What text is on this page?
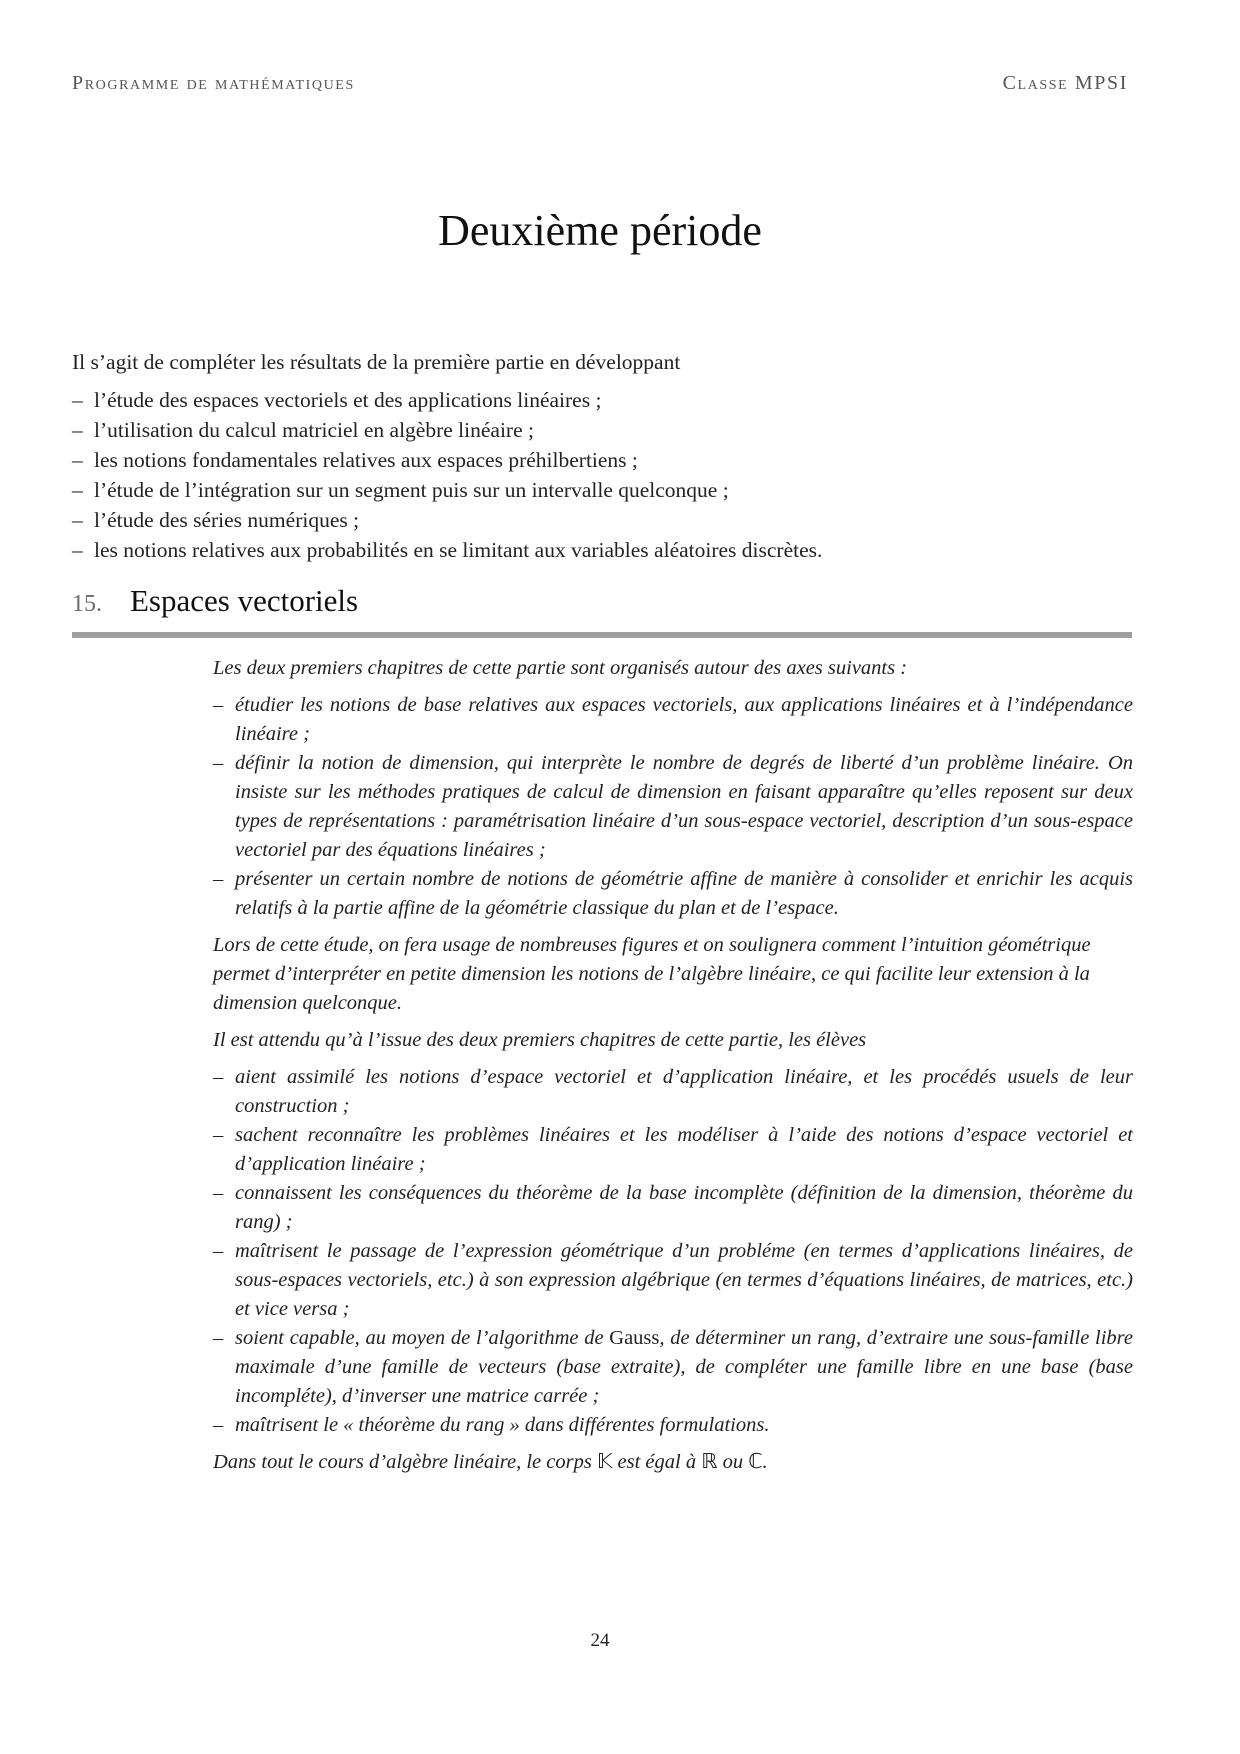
Programme de mathématiques	Classe MPSI
Deuxième période

Il s’agit de compléter les résultats de la première partie en développant

– l’étude des espaces vectoriels et des applications linéaires ;
– l’utilisation du calcul matriciel en algèbre linéaire ;
– les notions fondamentales relatives aux espaces préhilbertiens ;
– l’étude de l’intégration sur un segment puis sur un intervalle quelconque ;
– l’étude des séries numériques ;
– les notions relatives aux probabilités en se limitant aux variables aléatoires discrètes.
15. Espaces vectoriels

Les deux premiers chapitres de cette partie sont organisés autour des axes suivants :

– étudier les notions de base relatives aux espaces vectoriels, aux applications linéaires et à l’indépendance linéaire ;
– définir la notion de dimension, qui interprète le nombre de degrés de liberté d’un problème linéaire. On insiste sur les méthodes pratiques de calcul de dimension en faisant apparaître qu’elles reposent sur deux types de représentations : paramétrisation linéaire d’un sous-espace vectoriel, description d’un sous-espace vectoriel par des équations linéaires ;
– présenter un certain nombre de notions de géométrie affine de manière à consolider et enrichir les acquis relatifs à la partie affine de la géométrie classique du plan et de l’espace.

Lors de cette étude, on fera usage de nombreuses figures et on soulignera comment l’intuition géométrique permet d’interpréter en petite dimension les notions de l’algèbre linéaire, ce qui facilite leur extension à la dimension quelconque.

Il est attendu qu’à l’issue des deux premiers chapitres de cette partie, les élèves

– aient assimilé les notions d’espace vectoriel et d’application linéaire, et les procédés usuels de leur construction ;
– sachent reconnaître les problèmes linéaires et les modéliser à l’aide des notions d’espace vectoriel et d’application linéaire ;
– connaissent les conséquences du théorème de la base incomplète (définition de la dimension, théorème du rang) ;
– maîtrisent le passage de l’expression géométrique d’un probléme (en termes d’applications linéaires, de sous-espaces vectoriels, etc.) à son expression algébrique (en termes d’équations linéaires, de matrices, etc.) et vice versa ;
– soient capable, au moyen de l’algorithme de Gauss, de déterminer un rang, d’extraire une sous-famille libre maximale d’une famille de vecteurs (base extraite), de compléter une famille libre en une base (base incompléte), d’inverser une matrice carrée ;
– maîtrisent le « théorème du rang » dans différentes formulations.

Dans tout le cours d’algèbre linéaire, le corps 𝕂 est égal à ℝ ou ℂ.

24
